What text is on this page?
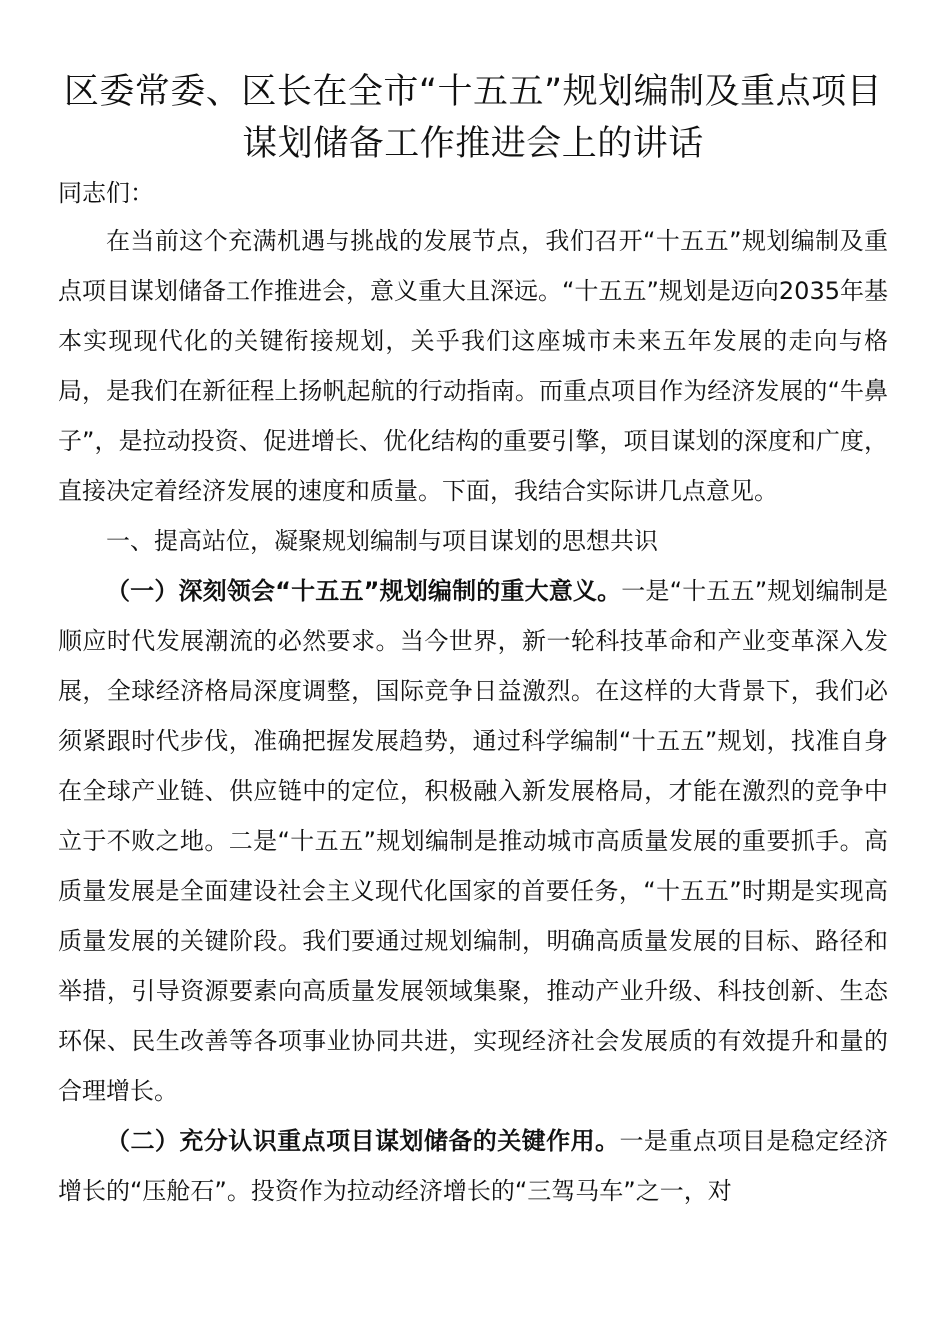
区委常委、区长在全市“十五五”规划编制及重点项目谋划储备工作推进会上的讲话

同志们：

在当前这个充满机遇与挑战的发展节点，我们召开“十五五”规划编制及重点项目谋划储备工作推进会，意义重大且深远。“十五五”规划是迈向2035年基本实现现代化的关键衔接规划，关乎我们这座城市未来五年发展的走向与格局，是我们在新征程上扬帆起航的行动指南。而重点项目作为经济发展的“牛鼻子”，是拉动投资、促进增长、优化结构的重要引擎，项目谋划的深度和广度，直接决定着经济发展的速度和质量。下面，我结合实际讲几点意见。

一、提高站位，凝聚规划编制与项目谋划的思想共识

（一）深刻领会“十五五”规划编制的重大意义。一是“十五五”规划编制是顺应时代发展潮流的必然要求。当今世界，新一轮科技革命和产业变革深入发展，全球经济格局深度调整，国际竞争日益激烈。在这样的大背景下，我们必须紧跟时代步伐，准确把握发展趋势，通过科学编制“十五五”规划，找准自身在全球产业链、供应链中的定位，积极融入新发展格局，才能在激烈的竞争中立于不败之地。二是“十五五”规划编制是推动城市高质量发展的重要抓手。高质量发展是全面建设社会主义现代化国家的首要任务，“十五五”时期是实现高质量发展的关键阶段。我们要通过规划编制，明确高质量发展的目标、路径和举措，引导资源要素向高质量发展领域集聚，推动产业升级、科技创新、生态环保、民生改善等各项事业协同共进，实现经济社会发展质的有效提升和量的合理增长。

（二）充分认识重点项目谋划储备的关键作用。一是重点项目是稳定经济增长的“压舱石”。投资作为拉动经济增长的“三驾马车”之一，对
